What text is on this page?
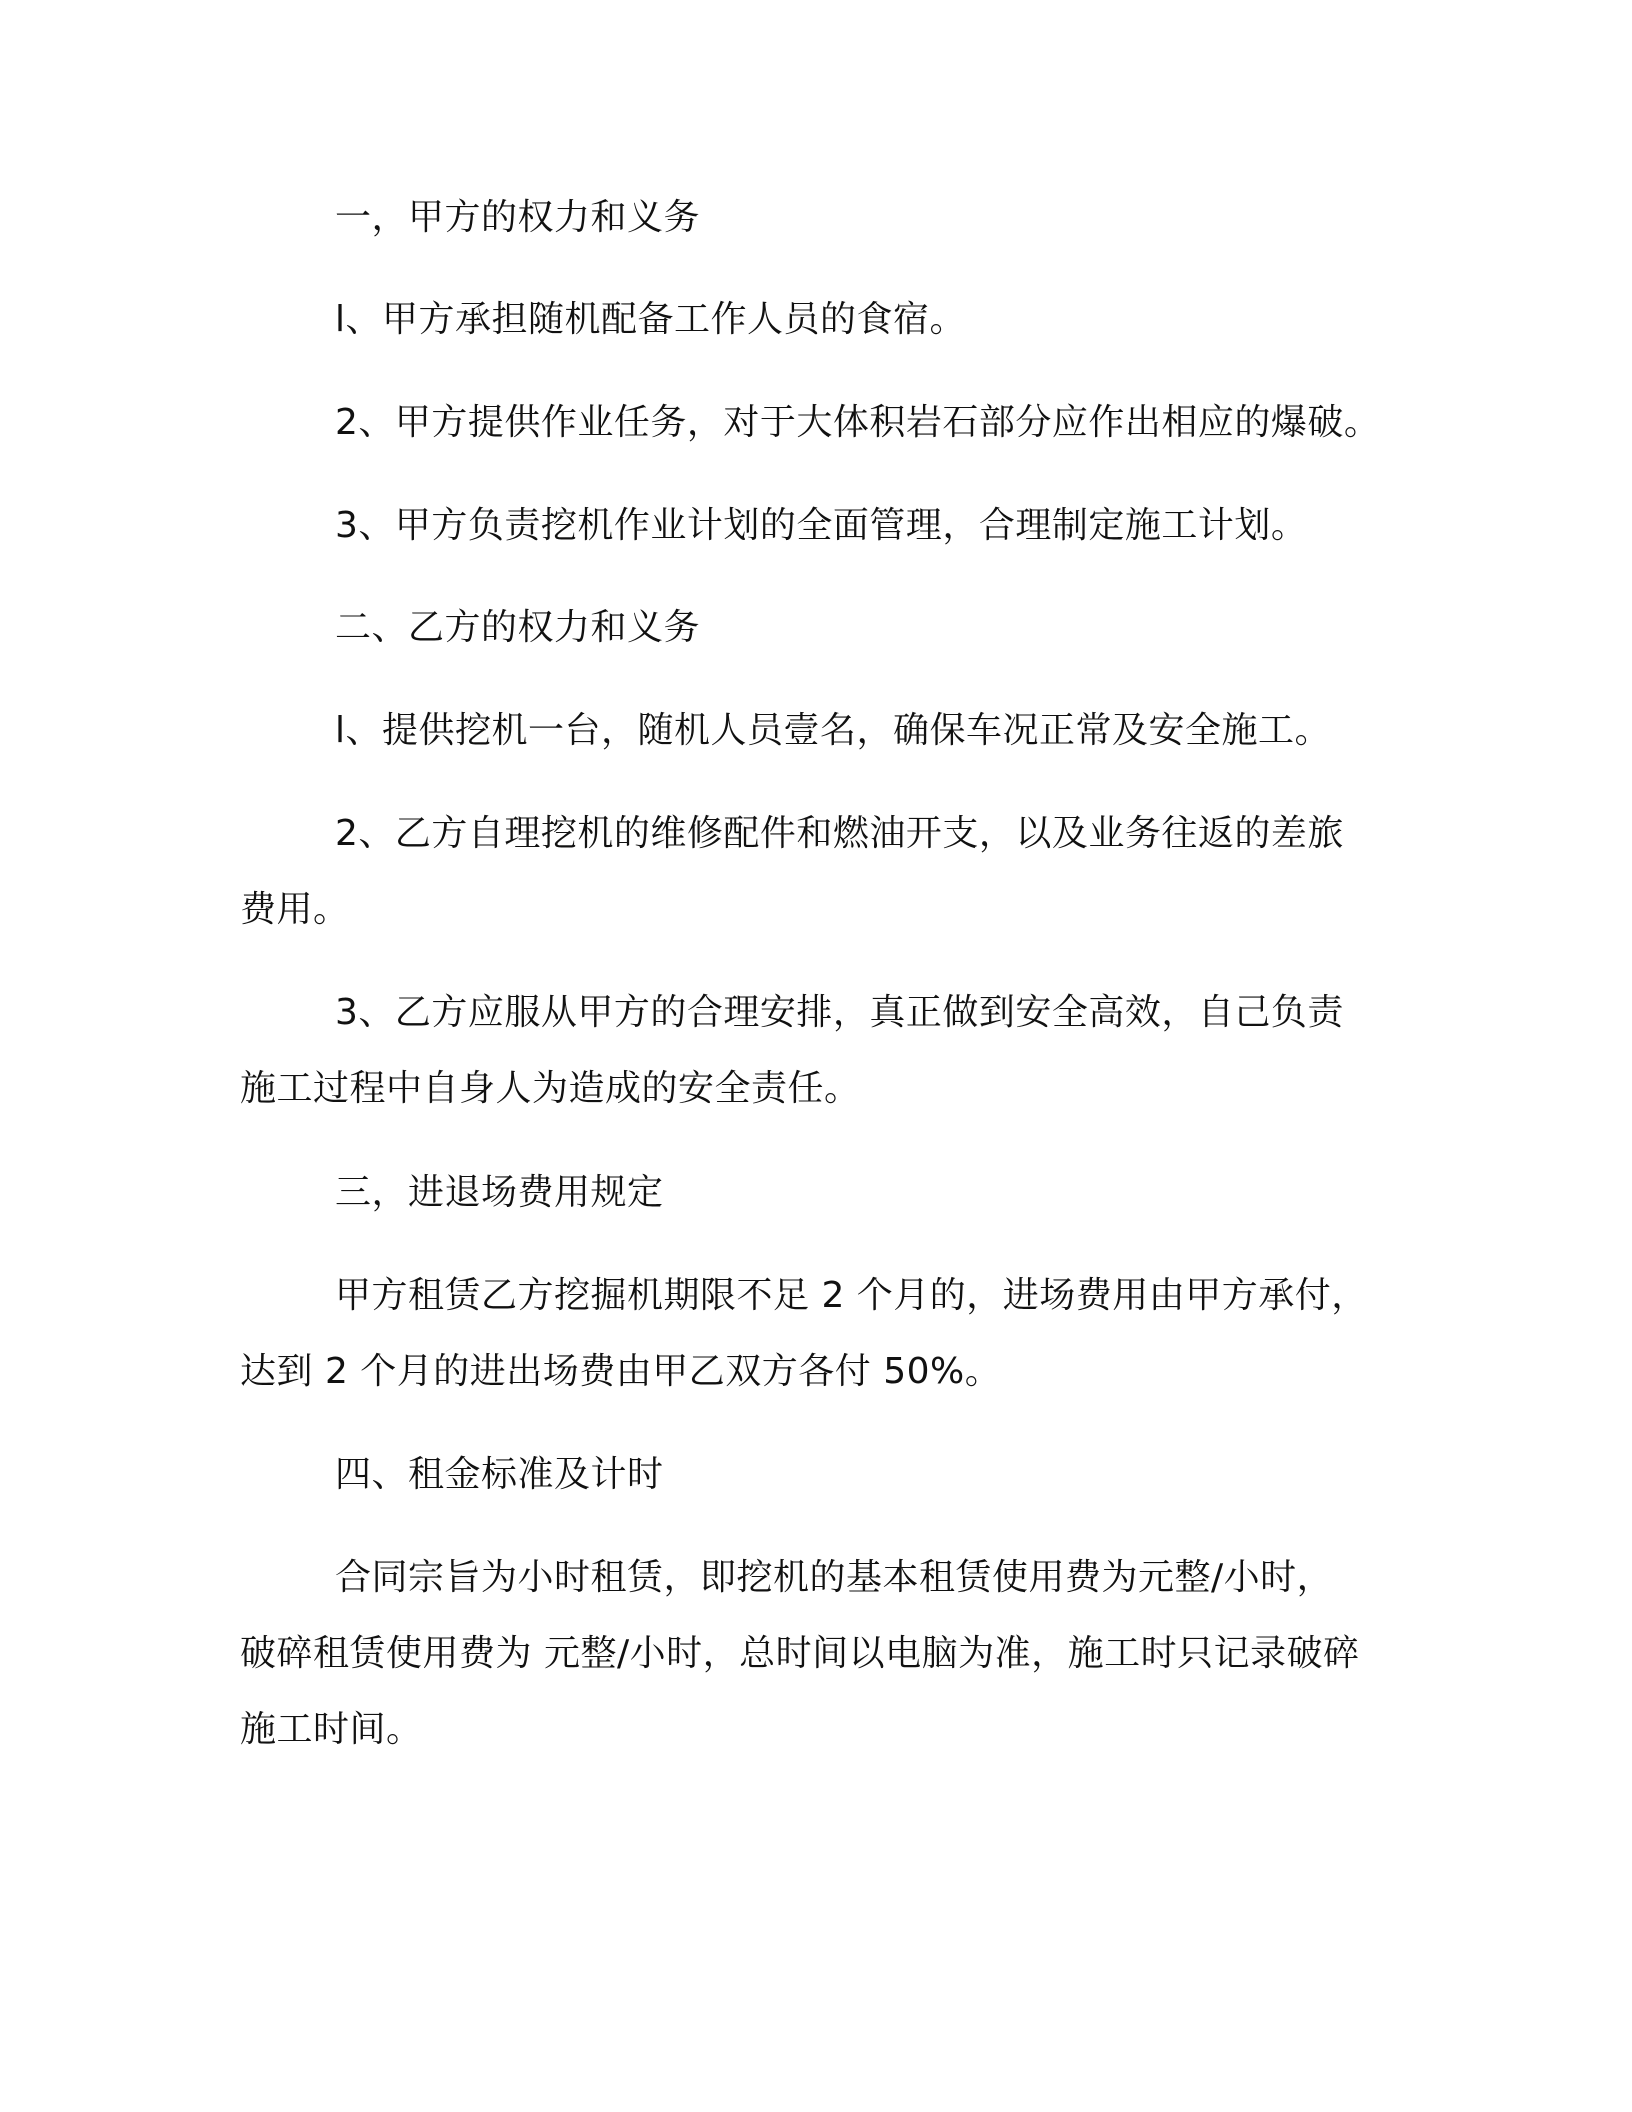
一，甲方的权力和义务
l、甲方承担随机配备工作人员的食宿。
2、甲方提供作业任务，对于大体积岩石部分应作出相应的爆破。
3、甲方负责挖机作业计划的全面管理，合理制定施工计划。
二、乙方的权力和义务
l、提供挖机一台，随机人员壹名，确保车况正常及安全施工。
2、乙方自理挖机的维修配件和燃油开支，以及业务往返的差旅
费用。
3、乙方应服从甲方的合理安排，真正做到安全高效，自己负责
施工过程中自身人为造成的安全责任。
三，进退场费用规定
甲方租赁乙方挖掘机期限不足 2 个月的，进场费用由甲方承付，
达到 2 个月的进出场费由甲乙双方各付 50%。
四、租金标准及计时
合同宗旨为小时租赁，即挖机的基本租赁使用费为元整/小时，
破碎租赁使用费为 元整/小时，总时间以电脑为准，施工时只记录破碎
施工时间。
